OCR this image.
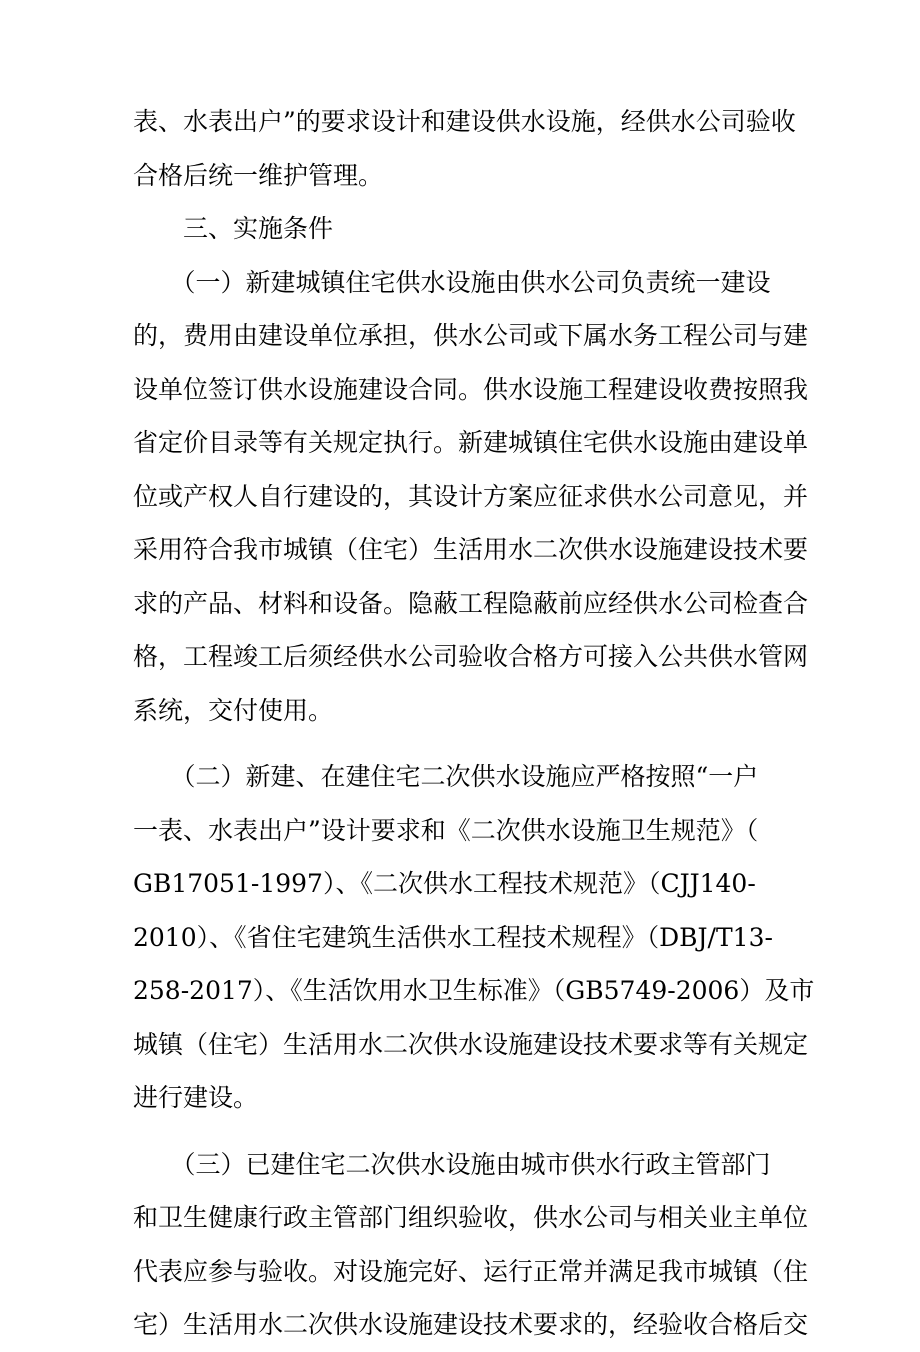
表、水表出户”的要求设计和建设供水设施，经供水公司验收
合格后统一维护管理。
　　三、实施条件
　　（一）新建城镇住宅供水设施由供水公司负责统一建设
的，费用由建设单位承担，供水公司或下属水务工程公司与建
设单位签订供水设施建设合同。供水设施工程建设收费按照我
省定价目录等有关规定执行。新建城镇住宅供水设施由建设单
位或产权人自行建设的，其设计方案应征求供水公司意见，并
采用符合我市城镇（住宅）生活用水二次供水设施建设技术要
求的产品、材料和设备。隐蔽工程隐蔽前应经供水公司检查合
格，工程竣工后须经供水公司验收合格方可接入公共供水管网
系统，交付使用。
　　（二）新建、在建住宅二次供水设施应严格按照“一户
一表、水表出户”设计要求和《二次供水设施卫生规范》（
GB17051-1997）、《二次供水工程技术规范》（CJJ140-
2010）、《省住宅建筑生活供水工程技术规程》（DBJ/T13-
258-2017）、《生活饮用水卫生标准》（GB5749-2006）及市
城镇（住宅）生活用水二次供水设施建设技术要求等有关规定
进行建设。
　　（三）已建住宅二次供水设施由城市供水行政主管部门
和卫生健康行政主管部门组织验收，供水公司与相关业主单位
代表应参与验收。对设施完好、运行正常并满足我市城镇（住
宅）生活用水二次供水设施建设技术要求的，经验收合格后交
